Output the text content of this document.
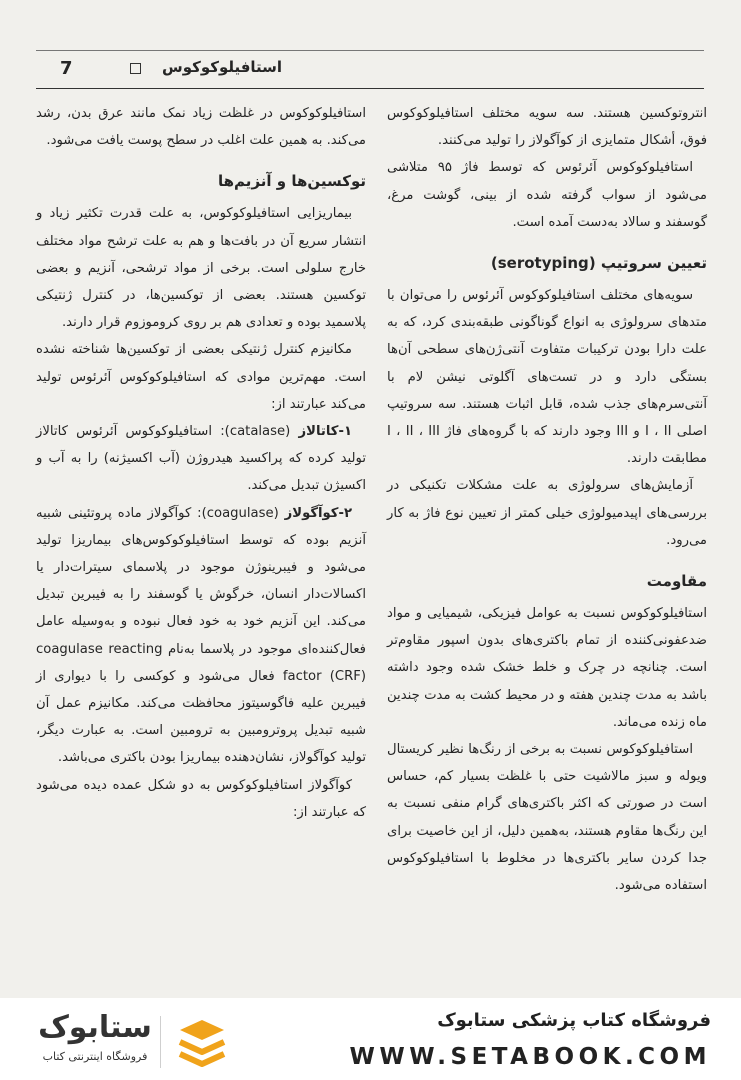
7	استافیلوکوکوس

انتروتوکسین هستند. سه سویه مختلف استافیلوکوکوس فوق، أشکال متمایزی از کوآگولاز را تولید می‌کنند.

استافیلوکوکوس آئرئوس که توسط فاژ ۹۵ متلاشی می‌شود از سواب گرفته شده از بینی، گوشت مرغ، گوسفند و سالاد به‌دست آمده است.

تعیین سروتیپ (serotyping)

سویه‌های مختلف استافیلوکوکوس آئرئوس را می‌توان با متدهای سرولوژی به انواع گوناگونی طبقه‌بندی کرد، که به علت دارا بودن ترکیبات متفاوت آنتی‌ژن‌های سطحی آن‌ها بستگی دارد و در تست‌های آگلوتی نیشن لام با آنتی‌سرم‌های جذب شده، قابل اثبات هستند. سه سروتیپ اصلی I ، II و III وجود دارند که با گروه‌های فاژ I ، II ، III مطابقت دارند.

آزمایش‌های سرولوژی به علت مشکلات تکنیکی در بررسی‌های اپیدمیولوژی خیلی کمتر از تعیین نوع فاژ به کار می‌رود.

مقاومت

استافیلوکوکوس نسبت به عوامل فیزیکی، شیمیایی و مواد ضدعفونی‌کننده از تمام باکتری‌های بدون اسپور مقاوم‌تر است. چنانچه در چرک و خلط خشک شده وجود داشته باشد به مدت چندین هفته و در محیط کشت به مدت چندین ماه زنده می‌ماند.

استافیلوکوکوس نسبت به برخی از رنگ‌ها نظیر کریستال ویوله و سبز مالاشیت حتی با غلظت بسیار کم، حساس است در صورتی که اکثر باکتری‌های گرام منفی نسبت به این رنگ‌ها مقاوم هستند، به‌همین دلیل، از این خاصیت برای جدا کردن سایر باکتری‌ها در مخلوط با استافیلوکوکوس استفاده می‌شود.

استافیلوکوکوس در غلظت زیاد نمک مانند عرق بدن، رشد می‌کند. به همین علت اغلب در سطح پوست یافت می‌شود.

توکسین‌ها و آنزیم‌ها

بیماریزایی استافیلوکوکوس، به علت قدرت تکثیر زیاد و انتشار سریع آن در بافت‌ها و هم به علت ترشح مواد مختلف خارج سلولی است. برخی از مواد ترشحی، آنزیم و بعضی توکسین هستند. بعضی از توکسین‌ها، در کنترل ژنتیکی پلاسمید بوده و تعدادی هم بر روی کروموزوم قرار دارند.

مکانیزم کنترل ژنتیکی بعضی از توکسین‌ها شناخته نشده است. مهم‌ترین موادی که استافیلوکوکوس آئرئوس تولید می‌کند عبارتند از:

۱-کاتالاز (catalase): استافیلوکوکوس آئرئوس کاتالاز تولید کرده که پراکسید هیدروژن (آب اکسیژنه) را به آب و اکسیژن تبدیل می‌کند.

۲-کوآگولاز (coagulase): کوآگولاز ماده پروتئینی شبیه آنزیم بوده که توسط استافیلوکوکوس‌های بیماریزا تولید می‌شود و فیبرینوژن موجود در پلاسمای سیترات‌دار یا اکسالات‌دار انسان، خرگوش یا گوسفند را به فیبرین تبدیل می‌کند. این آنزیم خود به خود فعال نبوده و به‌وسیله عامل فعال‌کننده‌ای موجود در پلاسما به‌نام coagulase reacting factor (CRF) فعال می‌شود و کوکسی را با دیواری از فیبرین علیه فاگوسیتوز محافظت می‌کند. مکانیزم عمل آن شبیه تبدیل پروترومبین به ترومبین است. به عبارت دیگر، تولید کوآگولاز، نشان‌دهنده بیماریزا بودن باکتری می‌باشد.

کوآگولاز استافیلوکوکوس به دو شکل عمده دیده می‌شود که عبارتند از:

ستابوک
فروشگاه اینترنتی کتاب
فروشگاه کتاب پزشکی ستابوک
WWW.SETABOOK.COM
